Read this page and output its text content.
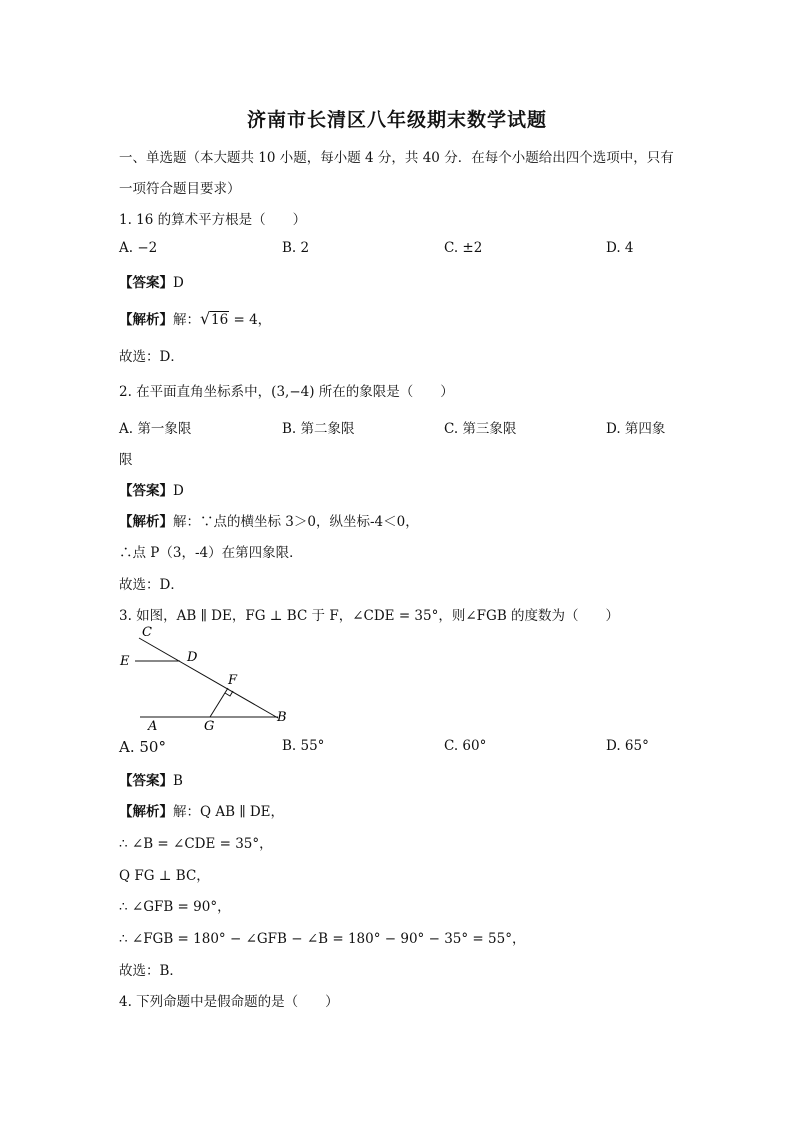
济南市长清区八年级期末数学试题
一、单选题（本大题共 10 小题，每小题 4 分，共 40 分．在每个小题给出四个选项中，只有
一项符合题目要求）
1. 16 的算术平方根是（　　）
A. −2	B. 2	C. ±2	D. 4
【答案】D
【解析】解： √ 16 = 4，
故选：D．
2. 在平面直角坐标系中，(3,−4) 所在的象限是（　　）
A. 第一象限	B. 第二象限	C. 第三象限	D. 第四象
限
【答案】D
【解析】解：∵点的横坐标 3＞0，纵坐标-4＜0，
∴点 P（3，-4）在第四象限．
故选：D．
3. 如图，AB ∥ DE，FG ⊥ BC 于 F，∠CDE = 35°，则∠FGB 的度数为（　　）
C
E	D
F
A	G
B
A. 50°	B. 55°	C. 60°	D. 65°
【答案】B
【解析】解：Q AB ∥ DE，
∴ ∠B = ∠CDE = 35°，
Q FG ⊥ BC，
∴ ∠GFB = 90°，
∴ ∠FGB = 180° − ∠GFB − ∠B = 180° − 90° − 35° = 55°，
故选：B．
4. 下列命题中是假命题的是（　　）
